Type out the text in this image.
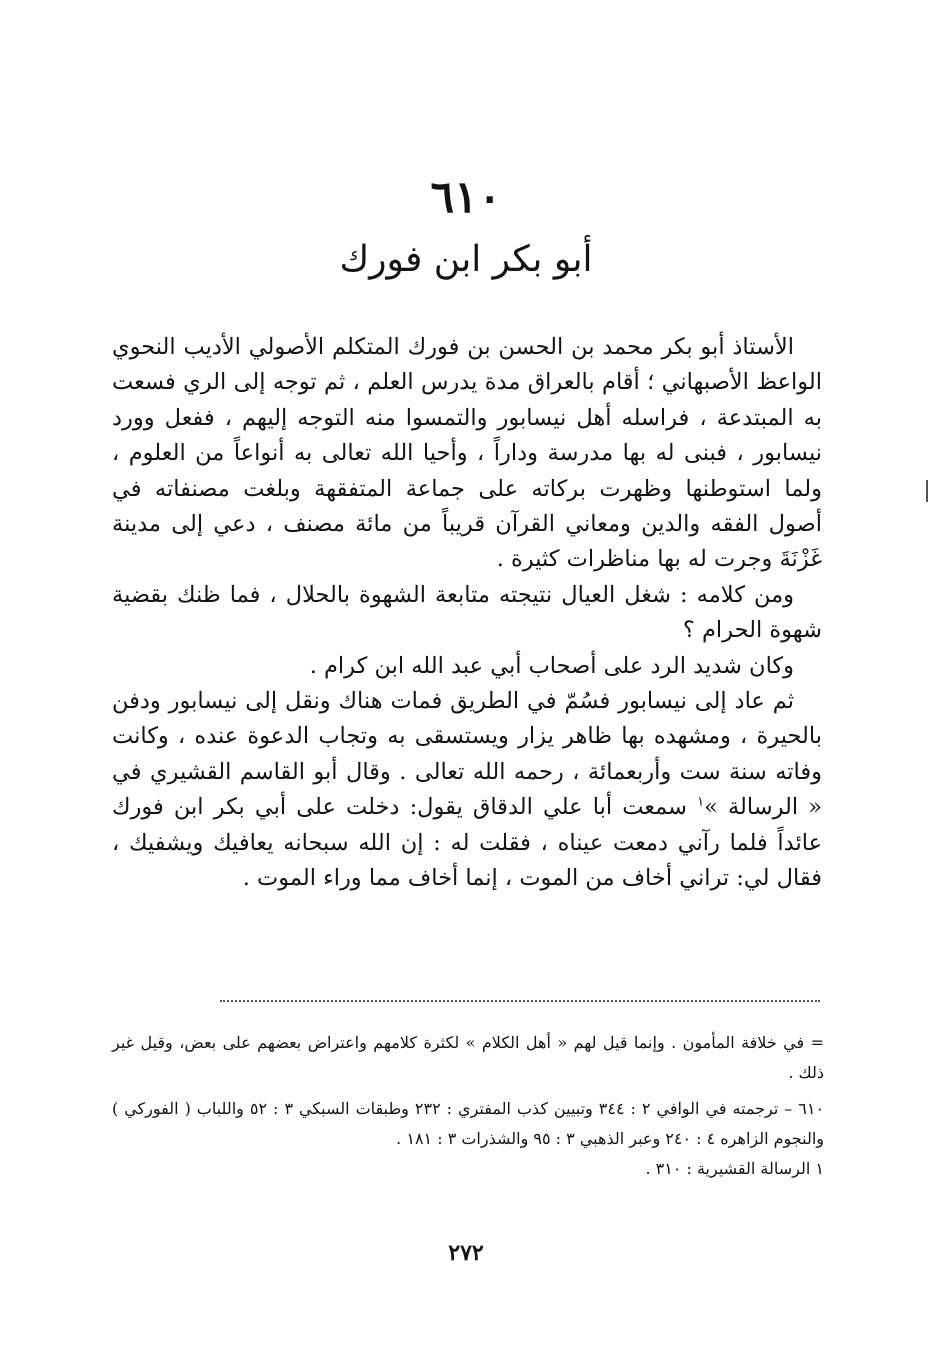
٦١٠
أبو بكر ابن فورك

الأستاذ أبو بكر محمد بن الحسن بن فورك المتكلم الأصولي الأديب النحوي الواعظ الأصبهاني ؛ أقام بالعراق مدة يدرس العلم ، ثم توجه إلى الري فسعت به المبتدعة ، فراسله أهل نيسابور والتمسوا منه التوجه إليهم ، ففعل وورد نيسابور ، فبنى له بها مدرسة وداراً ، وأحيا الله تعالى به أنواعاً من العلوم ، ولما استوطنها وظهرت بركاته على جماعة المتفقهة وبلغت مصنفاته في أصول الفقه والدين ومعاني القرآن قريباً من مائة مصنف ، دعي إلى مدينة غَزْنَةَ وجرت له بها مناظرات كثيرة .

ومن كلامه : شغل العيال نتيجته متابعة الشهوة بالحلال ، فما ظنك بقضية شهوة الحرام ؟

وكان شديد الرد على أصحاب أبي عبد الله ابن كرام .

ثم عاد إلى نيسابور فسُمّ في الطريق فمات هناك ونقل إلى نيسابور ودفن بالحيرة ، ومشهده بها ظاهر يزار ويستسقى به وتجاب الدعوة عنده ، وكانت وفاته سنة ست وأربعمائة ، رحمه الله تعالى . وقال أبو القاسم القشيري في « الرسالة »$^١$ سمعت أبا علي الدقاق يقول: دخلت على أبي بكر ابن فورك عائداً فلما رآني دمعت عيناه ، فقلت له : إن الله سبحانه يعافيك ويشفيك ، فقال لي: تراني أخاف من الموت ، إنما أخاف مما وراء الموت .

= في خلافة المأمون . وإنما قيل لهم « أهل الكلام » لكثرة كلامهم واعتراض بعضهم على بعض، وقيل غير ذلك .

٦١٠ – ترجمته في الوافي ٢ : ٣٤٤ وتبيين كذب المفتري : ٢٣٢ وطبقات السبكي ٣ : ٥٢ واللباب ( الفوركي ) والنجوم الزاهره ٤ : ٢٤٠ وعبر الذهبي ٣ : ٩٥ والشذرات ٣ : ١٨١ .

١ الرسالة القشيرية : ٣١٠ .

٢٧٢
